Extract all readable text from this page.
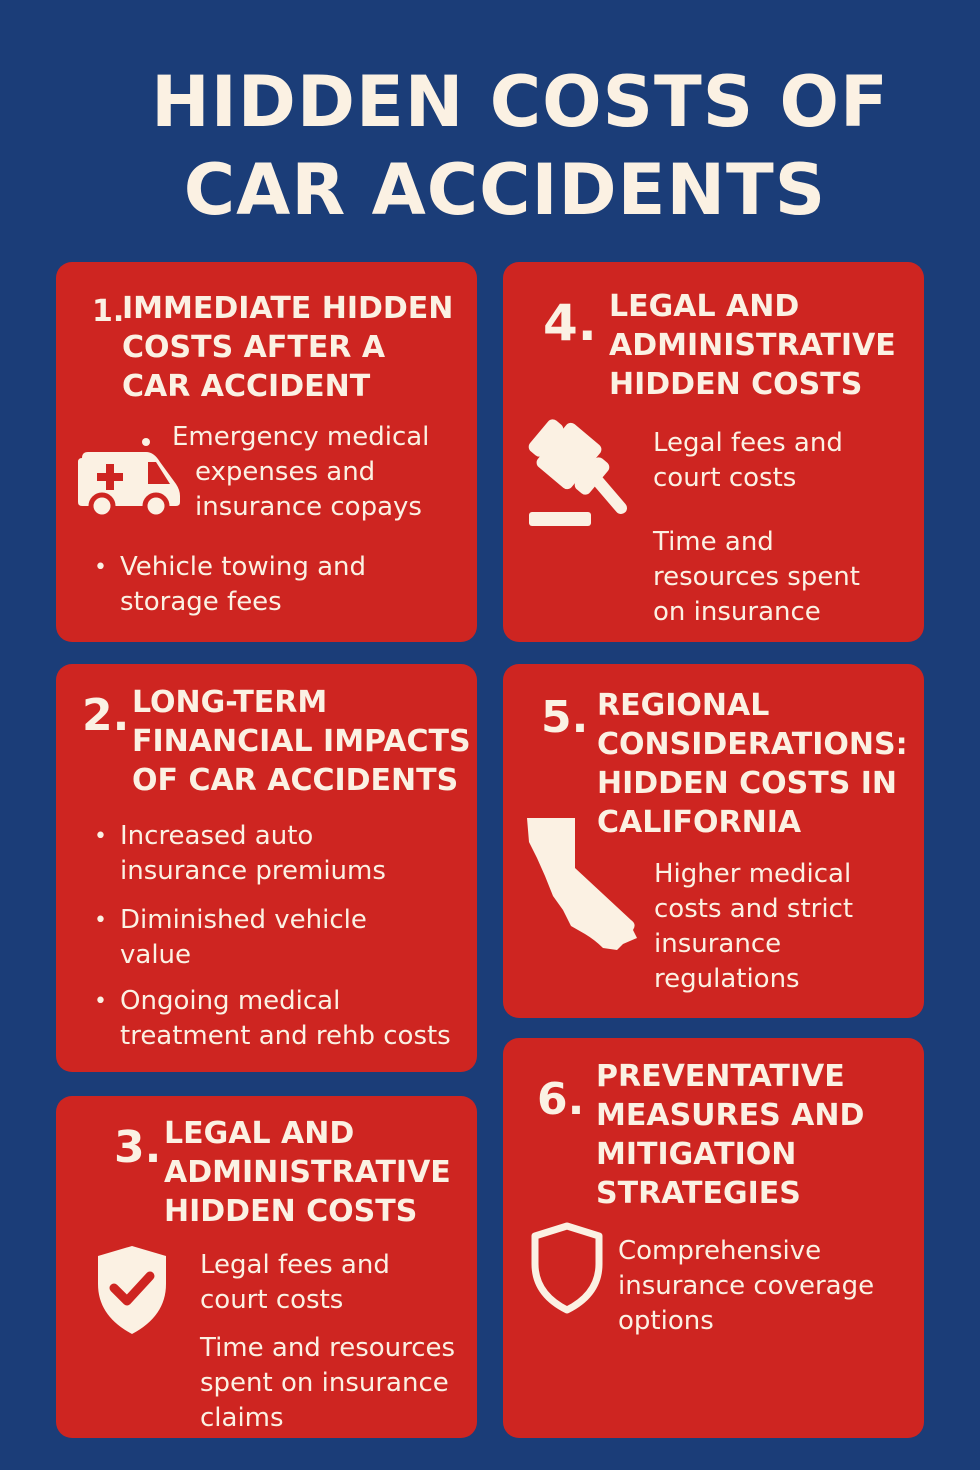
HIDDEN COSTS OF
CAR ACCIDENTS
1.
IMMEDIATE HIDDEN
COSTS AFTER A
CAR ACCIDENT
Emergency medical
expenses and
insurance copays
• Vehicle towing and
storage fees
2. LONG-TERM
FINANCIAL IMPACTS
OF CAR ACCIDENTS
• Increased auto
insurance premiums
• Diminished vehicle
value
• Ongoing medical
treatment and rehb costs
3. LEGAL AND
ADMINISTRATIVE
HIDDEN COSTS
Legal fees and
court costs
Time and resources
spent on insurance
claims
4. LEGAL AND
ADMINISTRATIVE
HIDDEN COSTS
Legal fees and
court costs
Time and
resources spent
on insurance
5. REGIONAL
CONSIDERATIONS:
HIDDEN COSTS IN
CALIFORNIA
Higher medical
costs and strict
insurance
regulations
6. PREVENTATIVE
MEASURES AND
MITIGATION
STRATEGIES
Comprehensive
insurance coverage
options
